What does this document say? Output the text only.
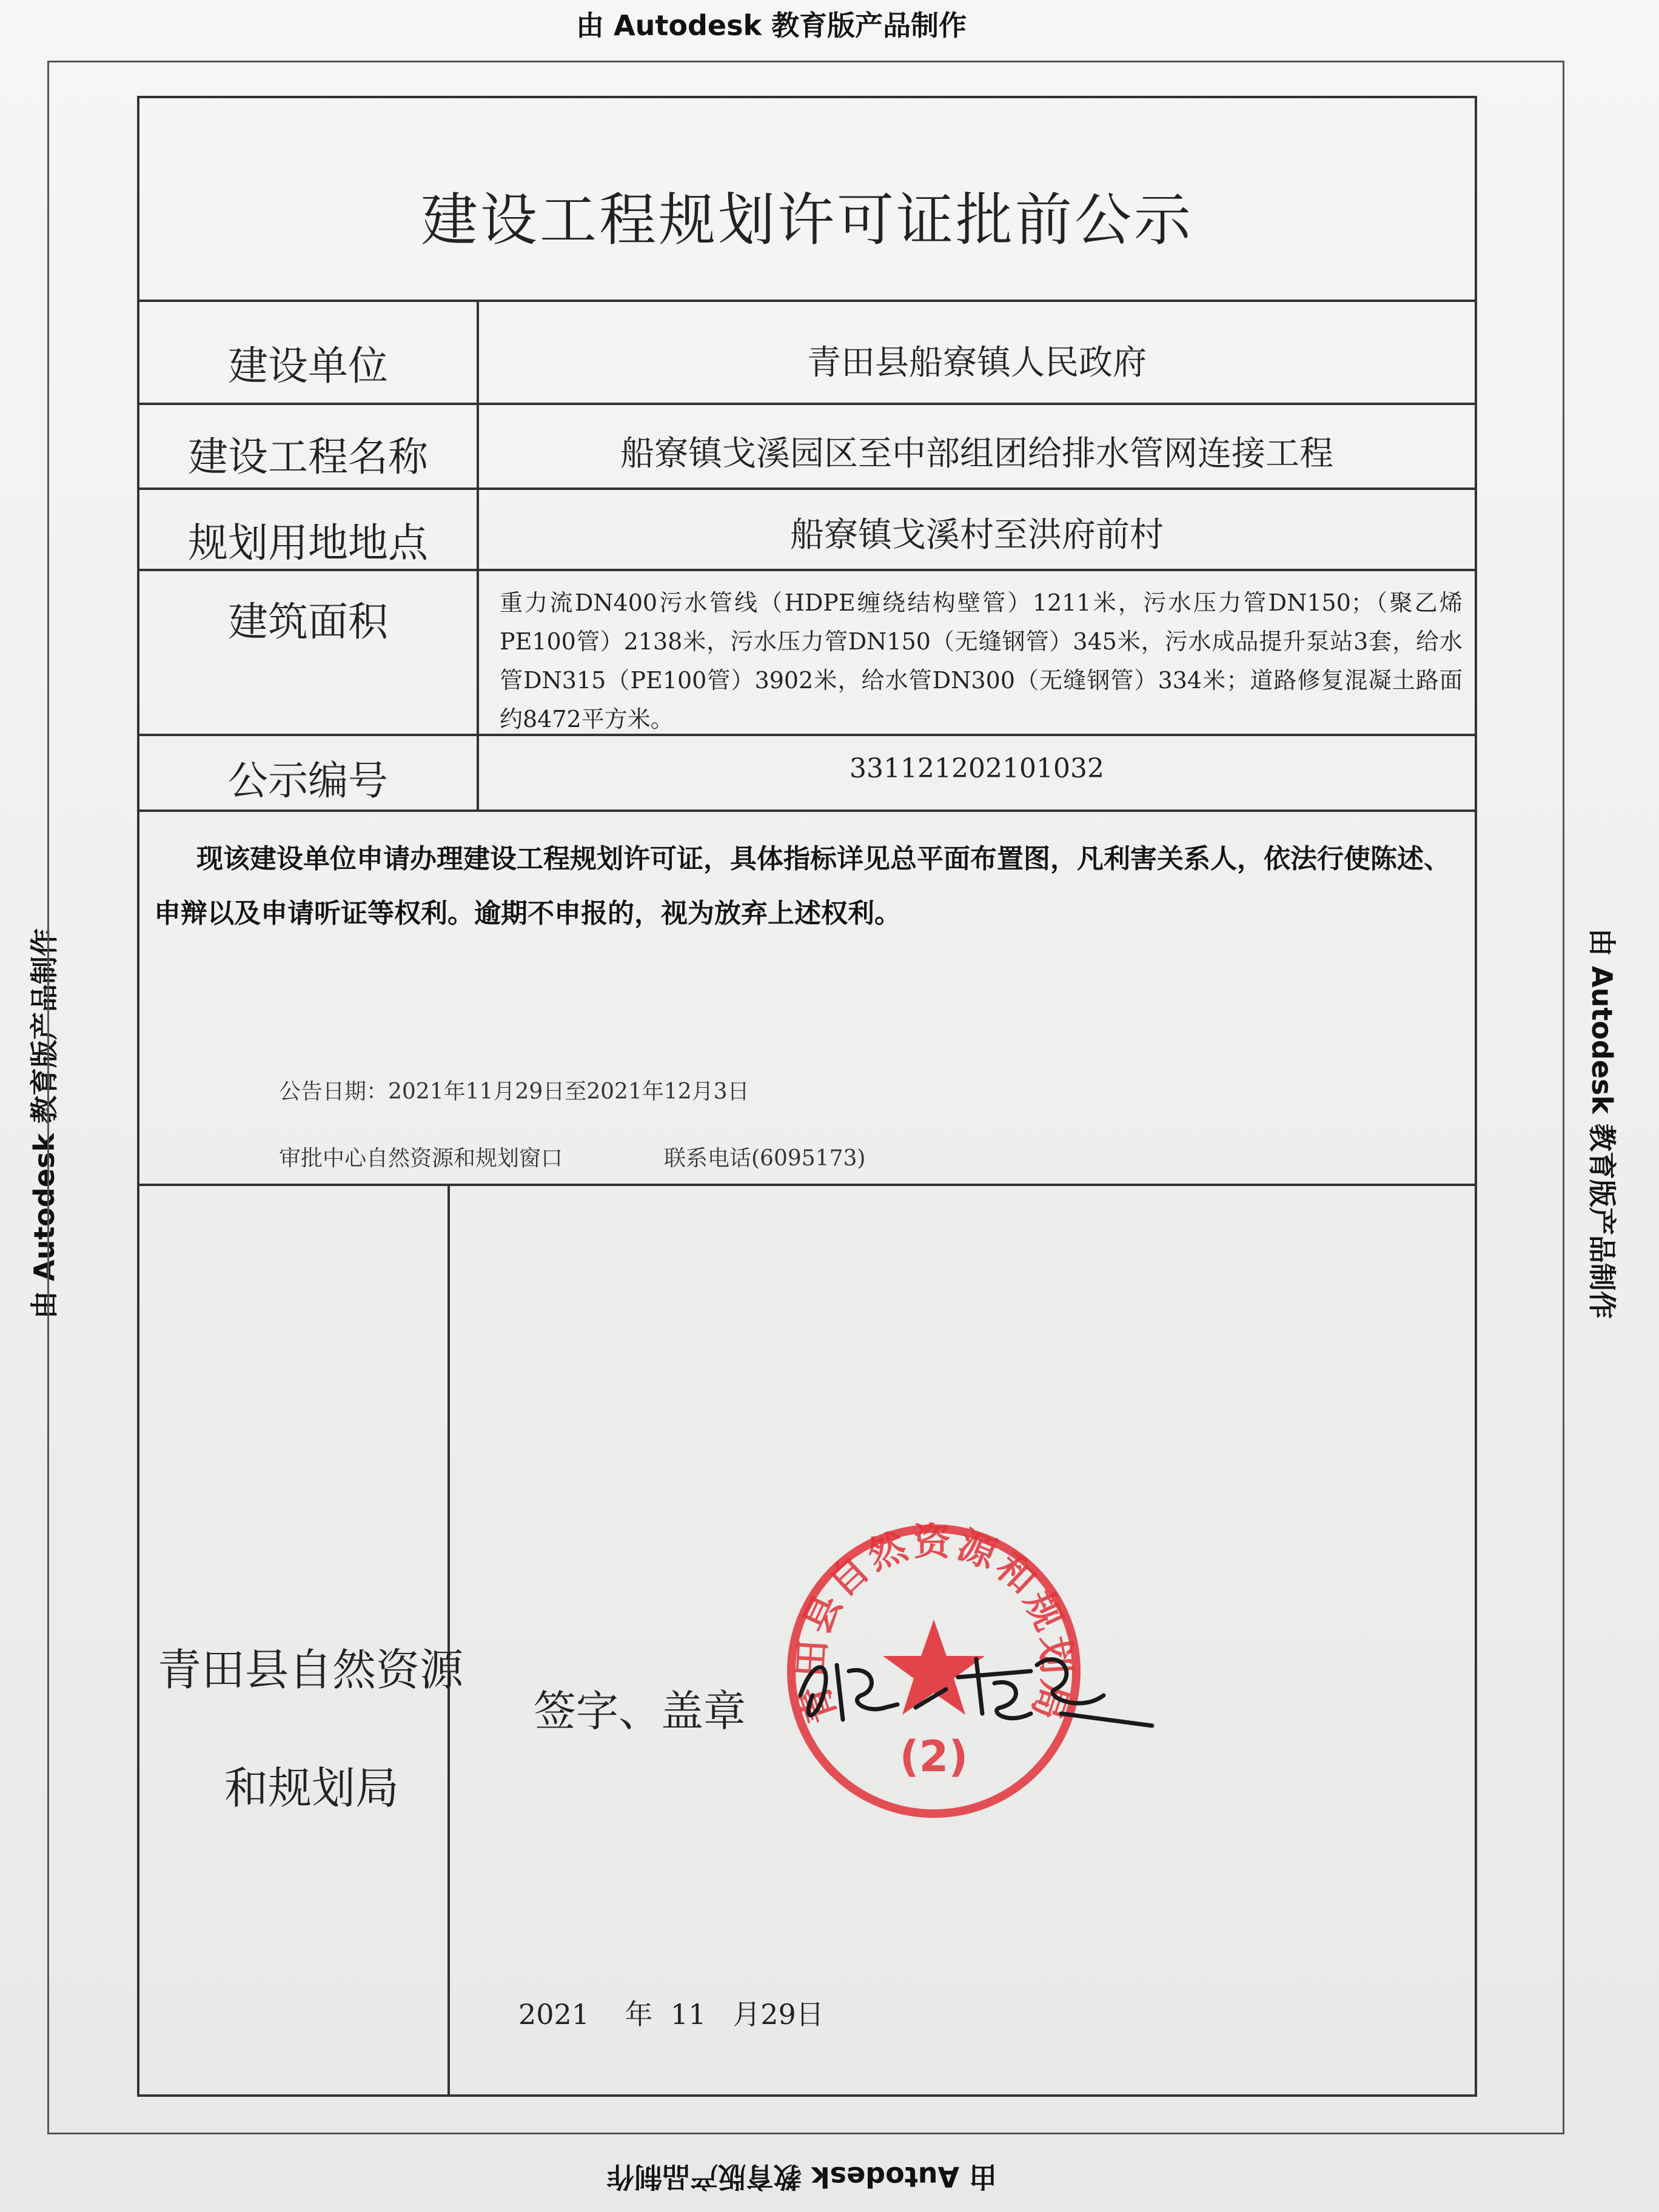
由 Autodesk 教育版产品制作
由 Autodesk 教育版产品制作
由 Autodesk 教育版产品制作	由 Autodesk 教育版产品制作
建设工程规划许可证批前公示
建设单位	青田县船寮镇人民政府
建设工程名称	船寮镇戈溪园区至中部组团给排水管网连接工程
规划用地地点	船寮镇戈溪村至洪府前村
建筑面积	重力流DN400污水管线（HDPE缠绕结构壁管）1211米，污水压力管DN150；（聚乙烯PE100管）2138米，污水压力管DN150（无缝钢管）345米，污水成品提升泵站3套，给水管DN315（PE100管）3902米，给水管DN300（无缝钢管）334米；道路修复混凝土路面约8472平方米。
公示编号	331121202101032
现该建设单位申请办理建设工程规划许可证，具体指标详见总平面布置图，凡利害关系人，依法行使陈述、申辩以及申请听证等权利。逾期不申报的，视为放弃上述权利。
公告日期：2021年11月29日至2021年12月3日
审批中心自然资源和规划窗口	联系电话(6095173)
青田县自然资源
和规划局
签字、盖章 青田县自然资源和规划局
(2)
2021    年  11   月29日
